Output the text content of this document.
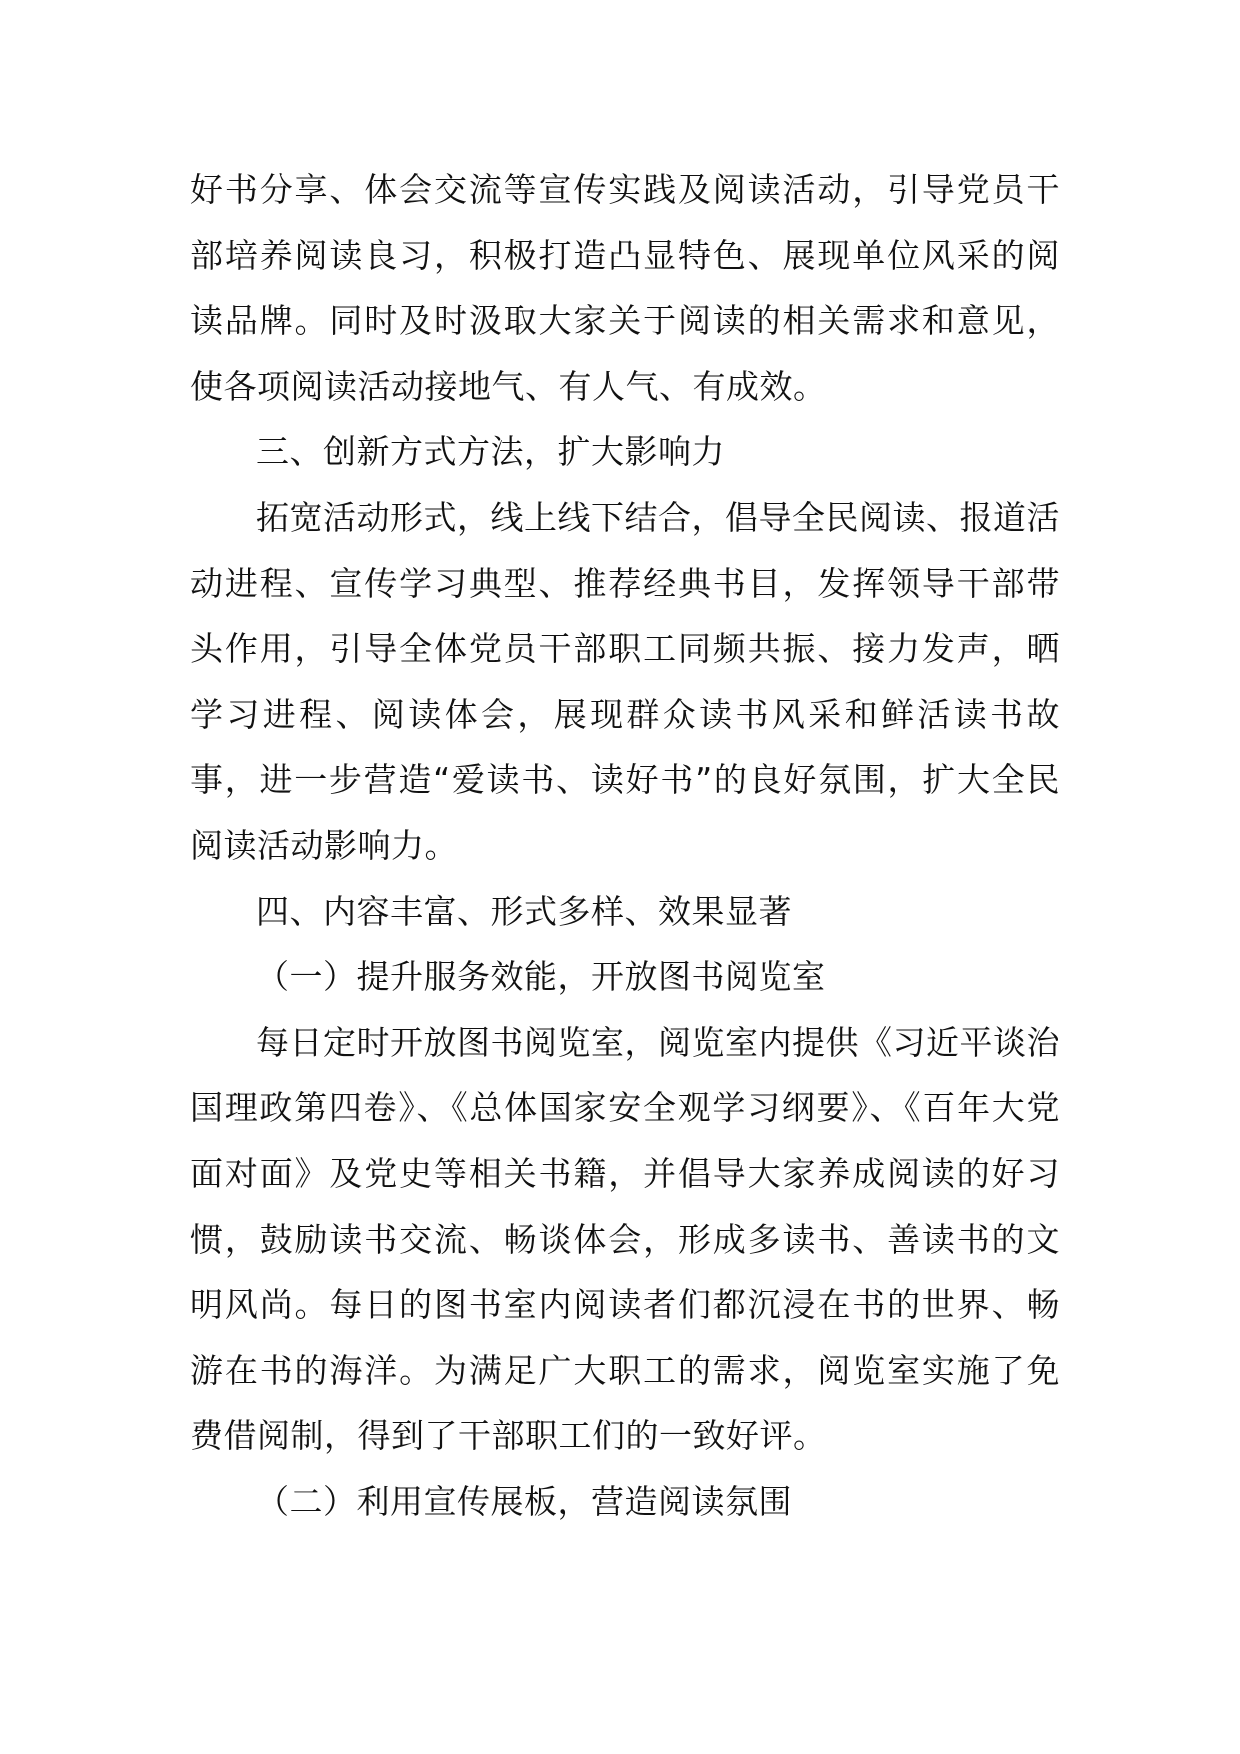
好书分享、体会交流等宣传实践及阅读活动，引导党员干部培养阅读良习，积极打造凸显特色、展现单位风采的阅读品牌。同时及时汲取大家关于阅读的相关需求和意见，使各项阅读活动接地气、有人气、有成效。

三、创新方式方法，扩大影响力

拓宽活动形式，线上线下结合，倡导全民阅读、报道活动进程、宣传学习典型、推荐经典书目，发挥领导干部带头作用，引导全体党员干部职工同频共振、接力发声，晒学习进程、阅读体会，展现群众读书风采和鲜活读书故事，进一步营造“爱读书、读好书”的良好氛围，扩大全民阅读活动影响力。

四、内容丰富、形式多样、效果显著

（一）提升服务效能，开放图书阅览室

每日定时开放图书阅览室，阅览室内提供《习近平谈治国理政第四卷》、《总体国家安全观学习纲要》、《百年大党面对面》及党史等相关书籍，并倡导大家养成阅读的好习惯，鼓励读书交流、畅谈体会，形成多读书、善读书的文明风尚。每日的图书室内阅读者们都沉浸在书的世界、畅游在书的海洋。为满足广大职工的需求，阅览室实施了免费借阅制，得到了干部职工们的一致好评。

（二）利用宣传展板，营造阅读氛围
